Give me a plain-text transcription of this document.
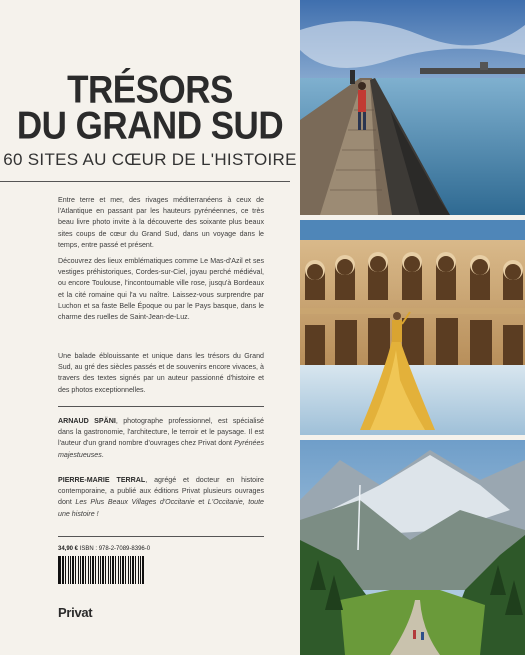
TRÉSORS
DU GRAND SUD
60 SITES AU CŒUR DE L'HISTOIRE
Entre terre et mer, des rivages méditerranéens à ceux de l'Atlantique en passant par les hauteurs pyrénéennes, ce très beau livre photo invite à la découverte des soixante plus beaux sites coups de cœur du Grand Sud, dans un voyage dans le temps, entre passé et présent.
Découvrez des lieux emblématiques comme Le Mas-d'Azil et ses vestiges préhistoriques, Cordes-sur-Ciel, joyau perché médiéval, ou encore Toulouse, l'incontournable ville rose, jusqu'à Bordeaux et la cité romaine qui l'a vu naître. Laissez-vous surprendre par Luchon et sa faste Belle Époque ou par le Pays basque, dans le charme des ruelles de Saint-Jean-de-Luz.
Une balade éblouissante et unique dans les trésors du Grand Sud, au gré des siècles passés et de souvenirs encore vivaces, à travers des textes signés par un auteur passionné d'histoire et des photos exceptionnelles.
ARNAUD SPÄNI, photographe professionnel, est spécialisé dans la gastronomie, l'architecture, le terroir et le paysage. Il est l'auteur d'un grand nombre d'ouvrages chez Privat dont Pyrénées majestueuses.
PIERRE-MARIE TERRAL, agrégé et docteur en histoire contemporaine, a publié aux éditions Privat plusieurs ouvrages dont Les Plus Beaux Villages d'Occitanie et L'Occitanie, toute une histoire !
34,90 € ISBN : 978-2-7089-8396-0
Privat
